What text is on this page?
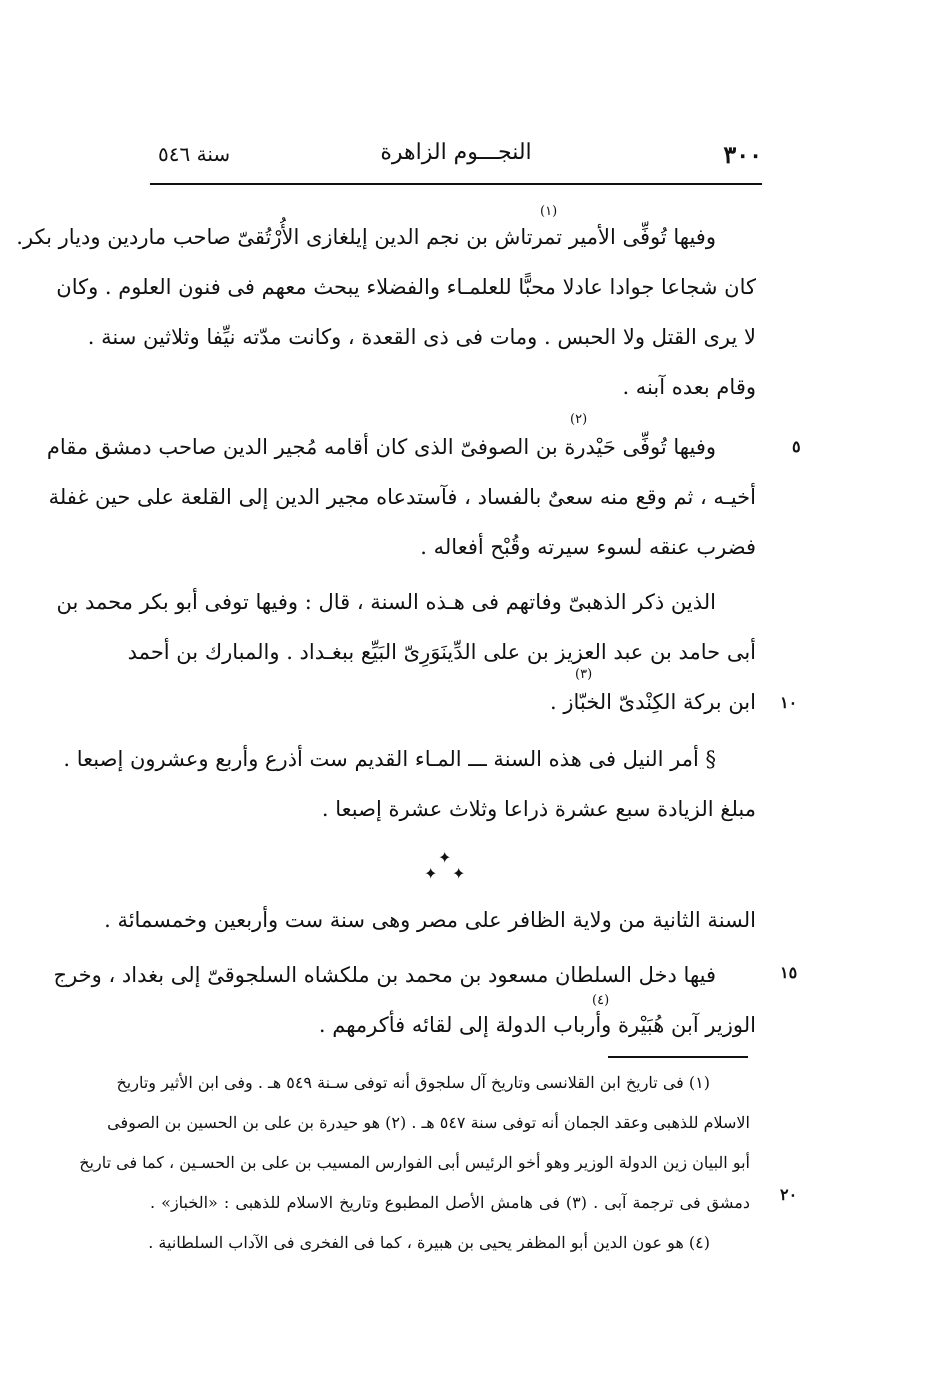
٣٠٠
النجـــوم الزاهرة
سنة ٥٤٦
وفيها تُوفِّى الأمير تمرتاش بن نجم الدين إيلغازى الأُرْتُقىّ صاحب ماردين وديار بكر.
كان شجاعا جوادا عادلا محبًّا للعلمـاء والفضلاء يبحث معهم فى فنون العلوم . وكان
لا يرى القتل ولا الحبس . ومات فى ذى القعدة ، وكانت مدّته نيِّفا وثلاثين سنة .
وقام بعده آبنه .
وفيها تُوفِّى حَيْدرة بن الصوفىّ الذى كان أقامه مُجير الدين صاحب دمشق مقام
أخيـه ، ثم وقع منه سعىٌ بالفساد ، فآستدعاه مجير الدين إلى القلعة على حين غفلة
فضرب عنقه لسوء سيرته وقُبْح أفعاله .
الذين ذكر الذهبىّ وفاتهم فى هـذه السنة ، قال : وفيها توفى أبو بكر محمد بن
أبى حامد بن عبد العزيز بن على الدِّينَوَرِىّ البَيِّع ببغـداد . والمبارك بن أحمد
ابن بركة الكِنْدىّ الخبّاز .
§ أمر النيل فى هذه السنة ـــ المـاء القديم ست أذرع وأربع وعشرون إصبعا .
مبلغ الزيادة سبع عشرة ذراعا وثلاث عشرة إصبعا .
السنة الثانية من ولاية الظافر على مصر وهى سنة ست وأربعين وخمسمائة .
فيها دخل السلطان مسعود بن محمد بن ملكشاه السلجوقىّ إلى بغداد ، وخرج
الوزير آبن هُبَيْرة وأرباب الدولة إلى لقائه فأكرمهم .
(١)
(٢)
(٣)
(٤)
٥
١٠
١٥
٢٠
✦
✦ ✦
(١) فى تاريخ ابن القلانسى وتاريخ آل سلجوق أنه توفى سـنة ٥٤٩ هـ . وفى ابن الأثير وتاريخ
الاسلام للذهبى وعقد الجمان أنه توفى سنة ٥٤٧ هـ . (٢) هو حيدرة بن على بن الحسين بن الصوفى
أبو البيان زين الدولة الوزير وهو أخو الرئيس أبى الفوارس المسيب بن على بن الحسـين ، كما فى تاريخ
دمشق فى ترجمة آبى . (٣) فى هامش الأصل المطبوع وتاريخ الاسلام للذهبى : «الخباز» .
(٤) هو عون الدين أبو المظفر يحيى بن هبيرة ، كما فى الفخرى فى الآداب السلطانية .
